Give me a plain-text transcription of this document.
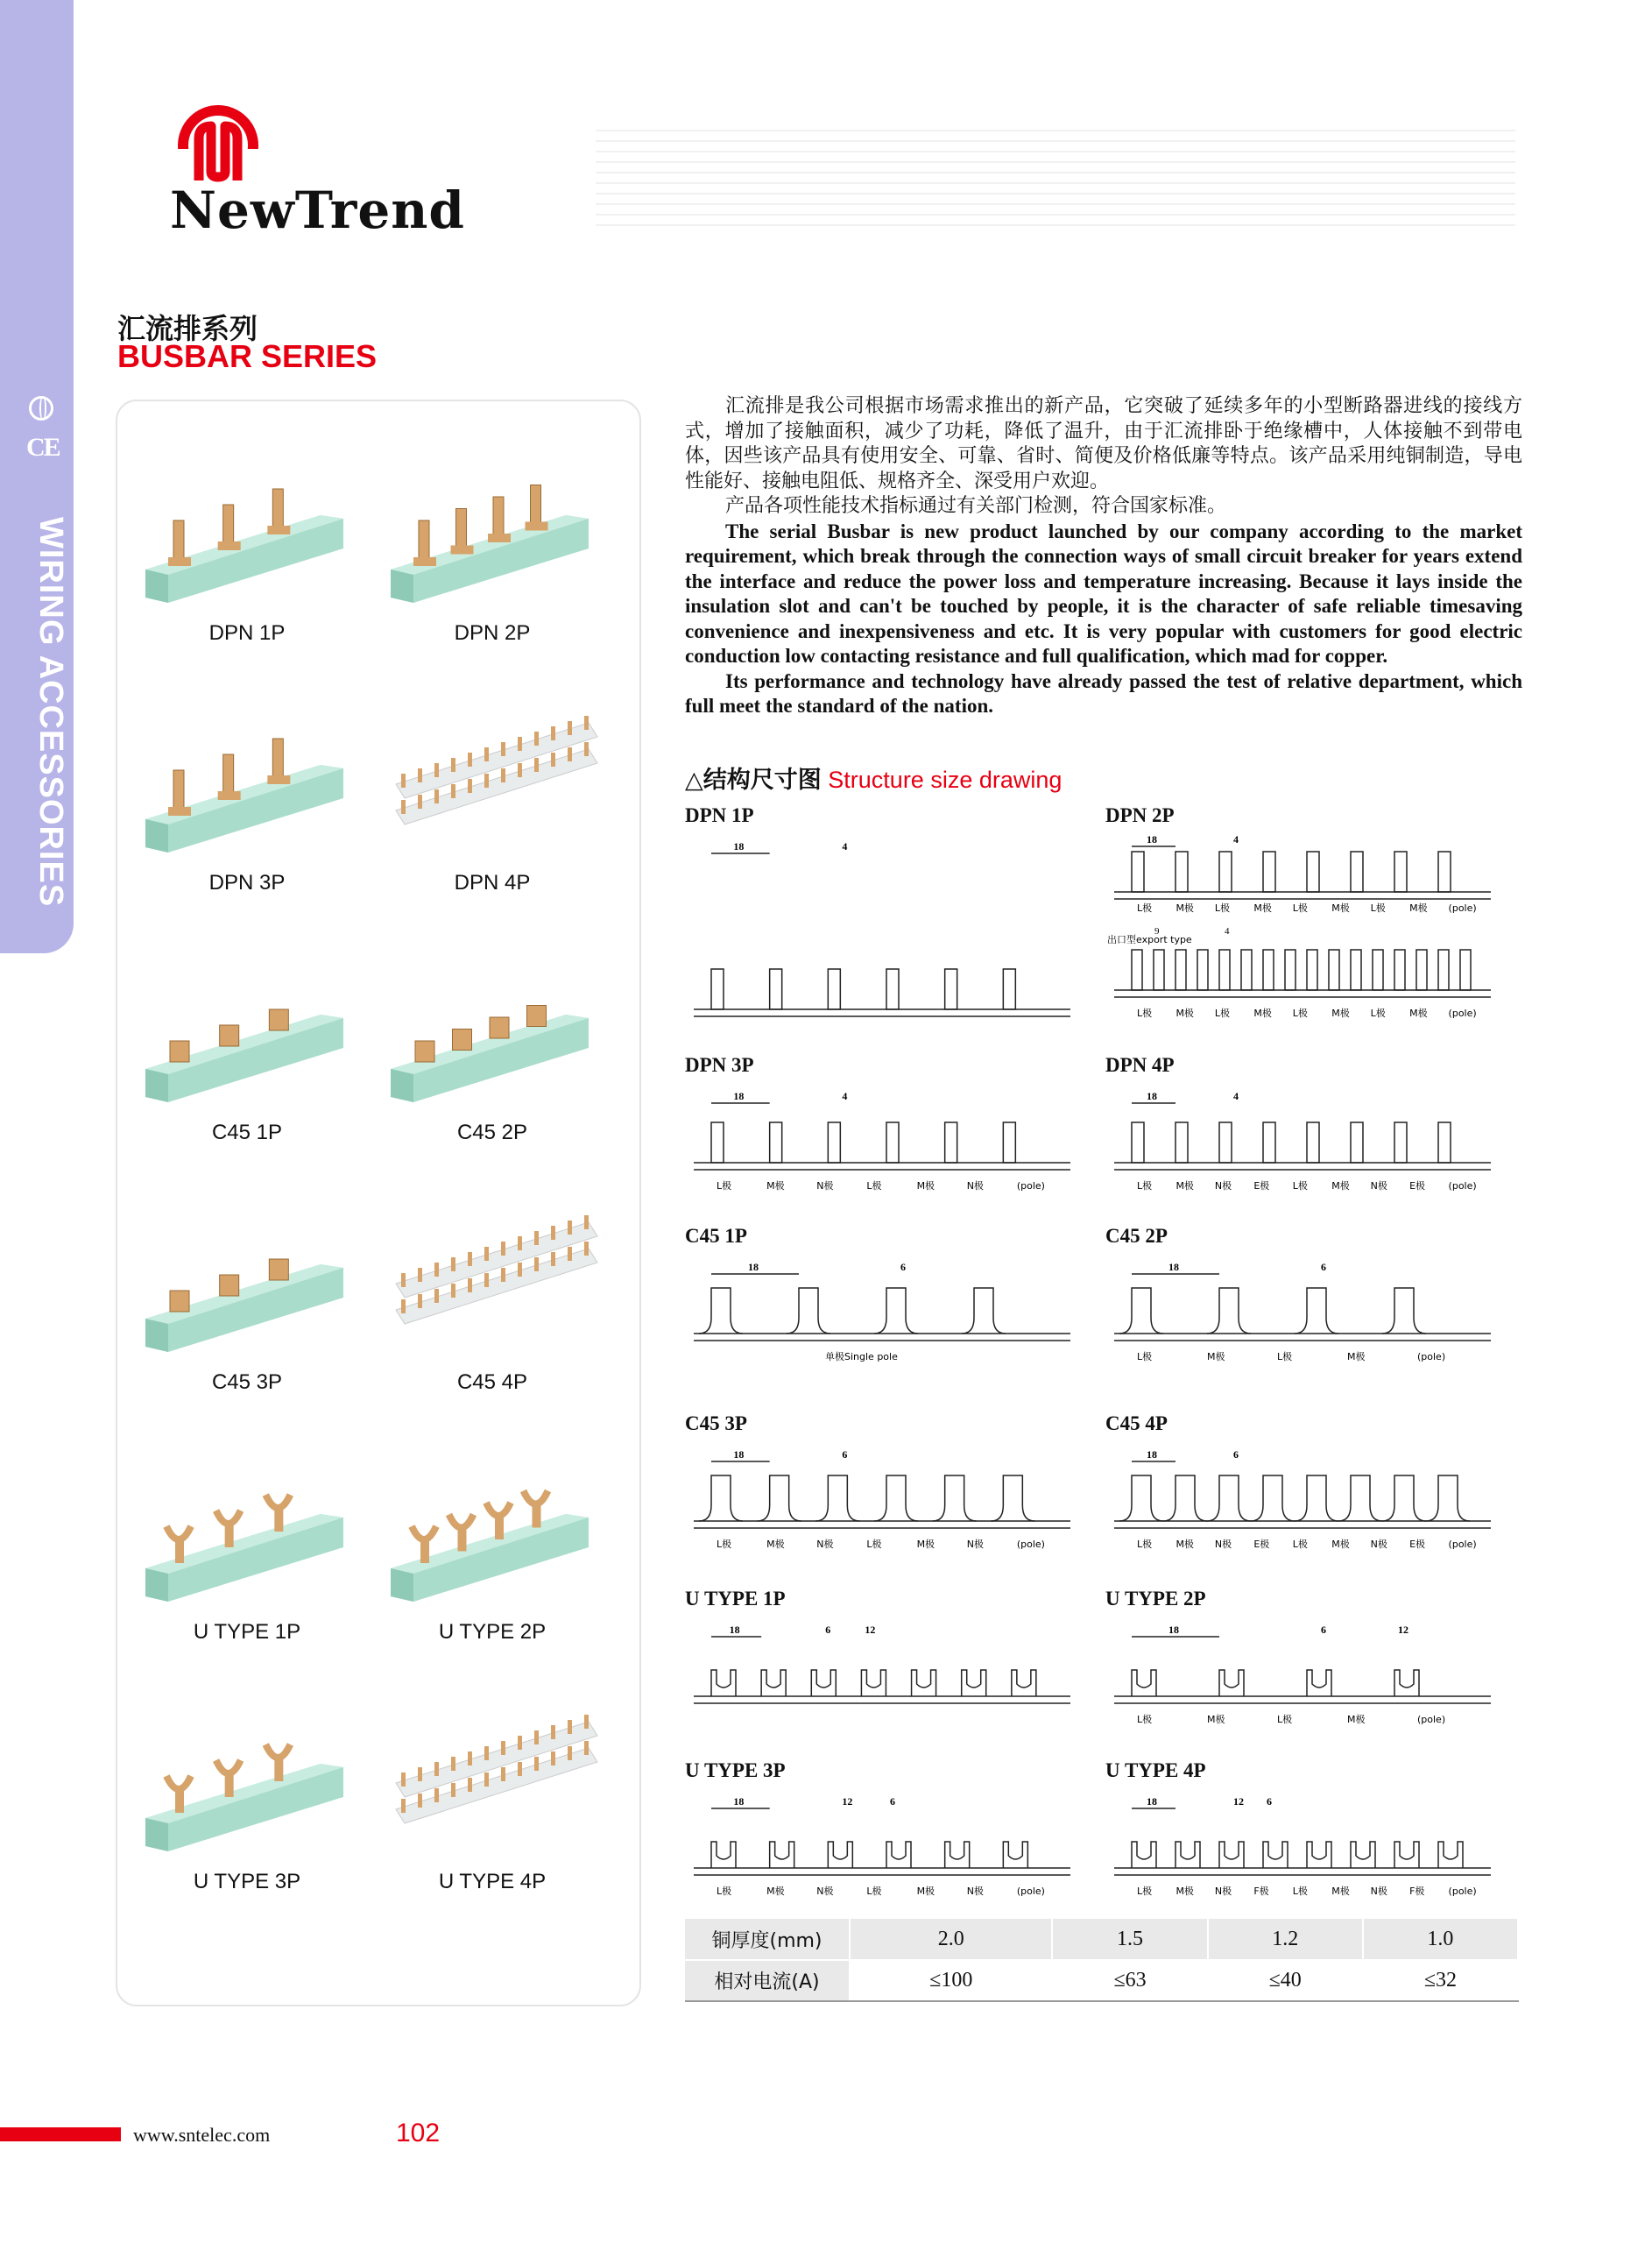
CE
WIRING ACCESSORIES
NewTrend
汇流排系列
BUSBAR SERIES
DPN 1P	DPN 2P
DPN 3P	DPN 4P
C45 1P	C45 2P
C45 3P	C45 4P
U TYPE 1P	U TYPE 2P
U TYPE 3P	U TYPE 4P

汇流排是我公司根据市场需求推出的新产品，它突破了延续多年的小型断路器进线的接线方式，增加了接触面积，减少了功耗，降低了温升，由于汇流排卧于绝缘槽中，人体接触不到带电体，因些该产品具有使用安全、可靠、省时、简便及价格低廉等特点。该产品采用纯铜制造，导电性能好、接触电阻低、规格齐全、深受用户欢迎。

产品各项性能技术指标通过有关部门检测，符合国家标准。

The serial Busbar is new product launched by our company according to the market requirement, which break through the connection ways of small circuit breaker for years extend the interface and reduce the power loss and temperature increasing. Because it lays inside the insulation slot and can't be touched by people, it is the character of safe reliable timesaving convenience and inexpensiveness and etc. It is very popular with customers for good electric conduction low contacting resistance and full qualification, which mad for copper.

Its performance and technology have already passed the test of relative department, which full meet the standard of the nation.

△结构尺寸图 Structure size drawing
DPN 1P
18	4
DPN 2P
出口型export type
9	4
18	4
L极
L极
M极
M极
L极
L极
M极
M极
L极
L极
M极
M极
L极
L极
M极
M极
(pole)
(pole)
DPN 3P
18	4
L极	M极	N极	L极	M极	N极	(pole)
DPN 4P
18	4
L极 M极 N极 E极 L极 M极 N极 E极 (pole)
C45 1P
18	6
单极Single pole
C45 2P
18	6
L极	M极	L极	M极	(pole)
C45 3P
18	6
L极	M极	N极	L极	M极	N极	(pole)
C45 4P
18	6
L极 M极 N极 E极 L极 M极 N极 E极 (pole)
U TYPE 1P
18	6	12
U TYPE 2P
18	6	12
L极	M极	L极	M极	(pole)
U TYPE 3P
18	12	6
L极	M极	N极	L极	M极	N极	(pole)
U TYPE 4P
18	12 6
L极 M极 N极 F极 L极 M极 N极 F极 (pole)
铜厚度(mm)	2.0	1.5	1.2	1.0
相对电流(A)	≤100	≤63	≤40	≤32
www.sntelec.com	102
